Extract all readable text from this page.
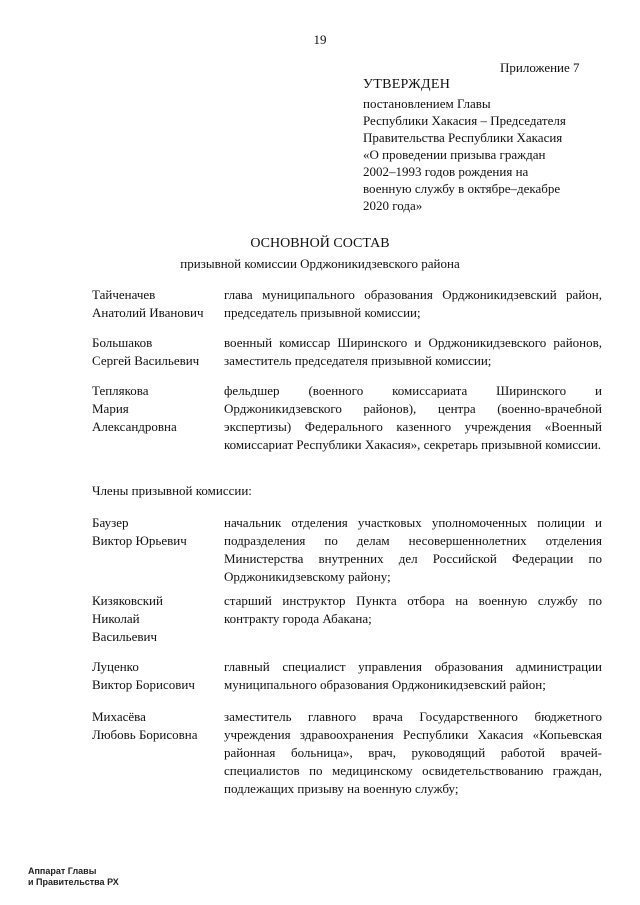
19
Приложение 7
УТВЕРЖДЕН
постановлением Главы
Республики Хакасия – Председателя
Правительства Республики Хакасия
«О проведении призыва граждан
2002–1993 годов рождения на
военную службу в октябре–декабре
2020 года»
ОСНОВНОЙ СОСТАВ
призывной комиссии Орджоникидзевского района
Тайченачев
Анатолий Иванович
глава муниципального образования Орджоникидзевский район, председатель призывной комиссии;
Большаков
Сергей Васильевич
военный комиссар Ширинского и Орджоникидзевского районов, заместитель председателя призывной комиссии;
Теплякова
Мария
Александровна
фельдшер (военного комиссариата Ширинского и Орджоникидзевского районов), центра (военно-врачебной экспертизы) Федерального казенного учреждения «Военный комиссариат Республики Хакасия», секретарь призывной комиссии.
Члены призывной комиссии:
Баузер
Виктор Юрьевич
начальник отделения участковых уполномоченных полиции и подразделения по делам несовершеннолетних отделения Министерства внутренних дел Российской Федерации по Орджоникидзевскому району;
Кизяковский
Николай
Васильевич
старший инструктор Пункта отбора на военную службу по контракту города Абакана;
Луценко
Виктор Борисович
главный специалист управления образования администрации муниципального образования Орджоникидзевский район;
Михасёва
Любовь Борисовна
заместитель главного врача Государственного бюджетного учреждения здравоохранения Республики Хакасия «Копьевская районная больница», врач, руководящий работой врачей-специалистов по медицинскому освидетельствованию граждан, подлежащих призыву на военную службу;
Аппарат Главы
и Правительства РХ
